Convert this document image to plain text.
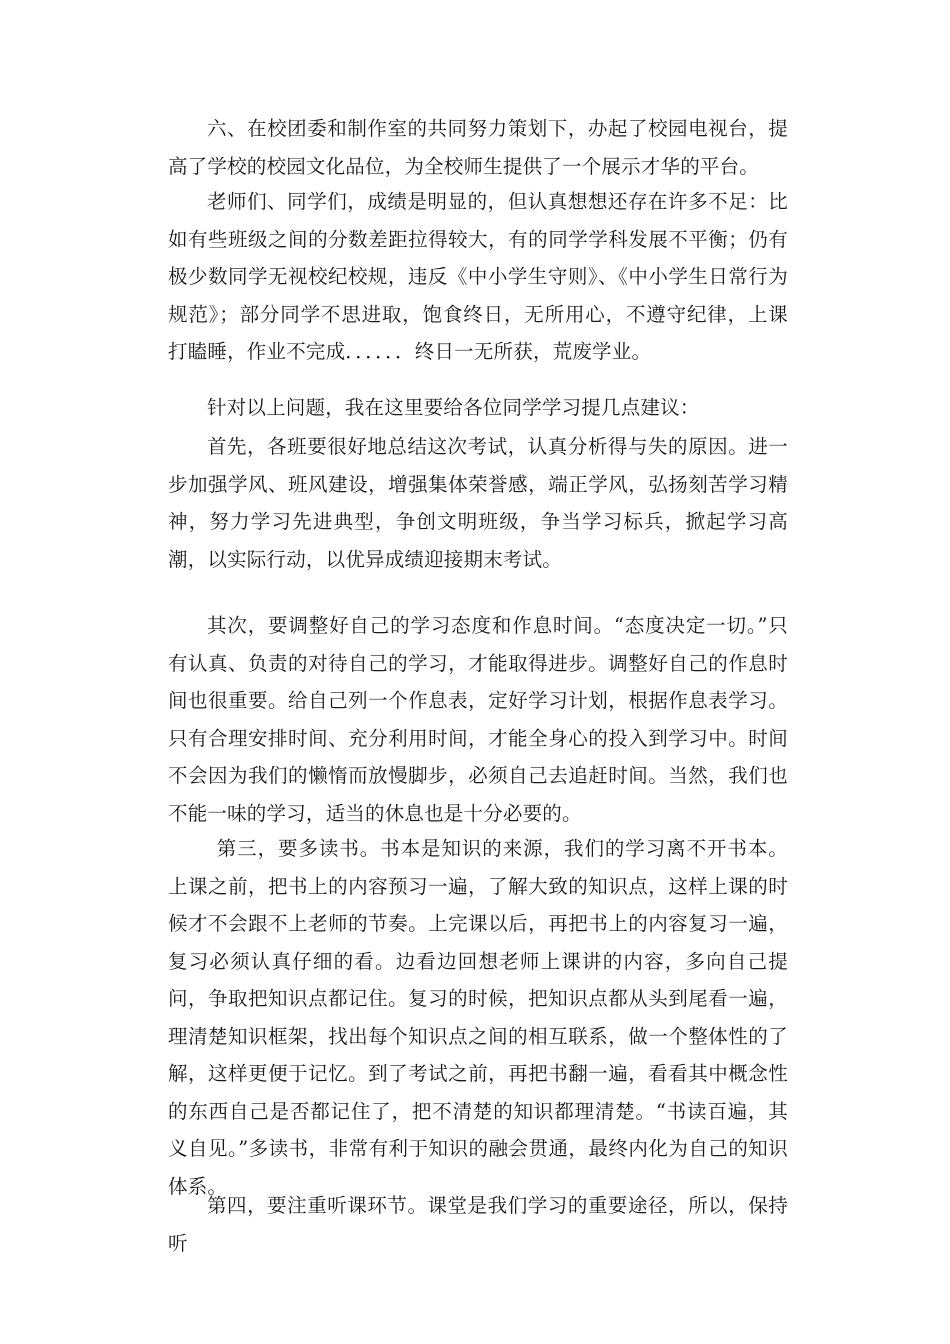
六、在校团委和制作室的共同努力策划下，办起了校园电视台，提高了学校的校园文化品位，为全校师生提供了一个展示才华的平台。

老师们、同学们，成绩是明显的，但认真想想还存在许多不足：比如有些班级之间的分数差距拉得较大，有的同学学科发展不平衡；仍有极少数同学无视校纪校规，违反《中小学生守则》、《中小学生日常行为规范》；部分同学不思进取，饱食终日，无所用心，不遵守纪律，上课打瞌睡，作业不完成．．．．．．终日一无所获，荒废学业。

针对以上问题，我在这里要给各位同学学习提几点建议：

首先，各班要很好地总结这次考试，认真分析得与失的原因。进一步加强学风、班风建设，增强集体荣誉感，端正学风，弘扬刻苦学习精神，努力学习先进典型，争创文明班级，争当学习标兵，掀起学习高潮，以实际行动，以优异成绩迎接期末考试。

其次，要调整好自己的学习态度和作息时间。“态度决定一切。”只有认真、负责的对待自己的学习，才能取得进步。调整好自己的作息时间也很重要。给自己列一个作息表，定好学习计划，根据作息表学习。只有合理安排时间、充分利用时间，才能全身心的投入到学习中。时间不会因为我们的懒惰而放慢脚步，必须自己去追赶时间。当然，我们也不能一味的学习，适当的休息也是十分必要的。

第三，要多读书。书本是知识的来源，我们的学习离不开书本。上课之前，把书上的内容预习一遍，了解大致的知识点，这样上课的时候才不会跟不上老师的节奏。上完课以后，再把书上的内容复习一遍，复习必须认真仔细的看。边看边回想老师上课讲的内容，多向自己提问，争取把知识点都记住。复习的时候，把知识点都从头到尾看一遍，理清楚知识框架，找出每个知识点之间的相互联系，做一个整体性的了解，这样更便于记忆。到了考试之前，再把书翻一遍，看看其中概念性的东西自己是否都记住了，把不清楚的知识都理清楚。“书读百遍，其义自见。”多读书，非常有利于知识的融会贯通，最终内化为自己的知识体系。

第四，要注重听课环节。课堂是我们学习的重要途径，所以，保持听
